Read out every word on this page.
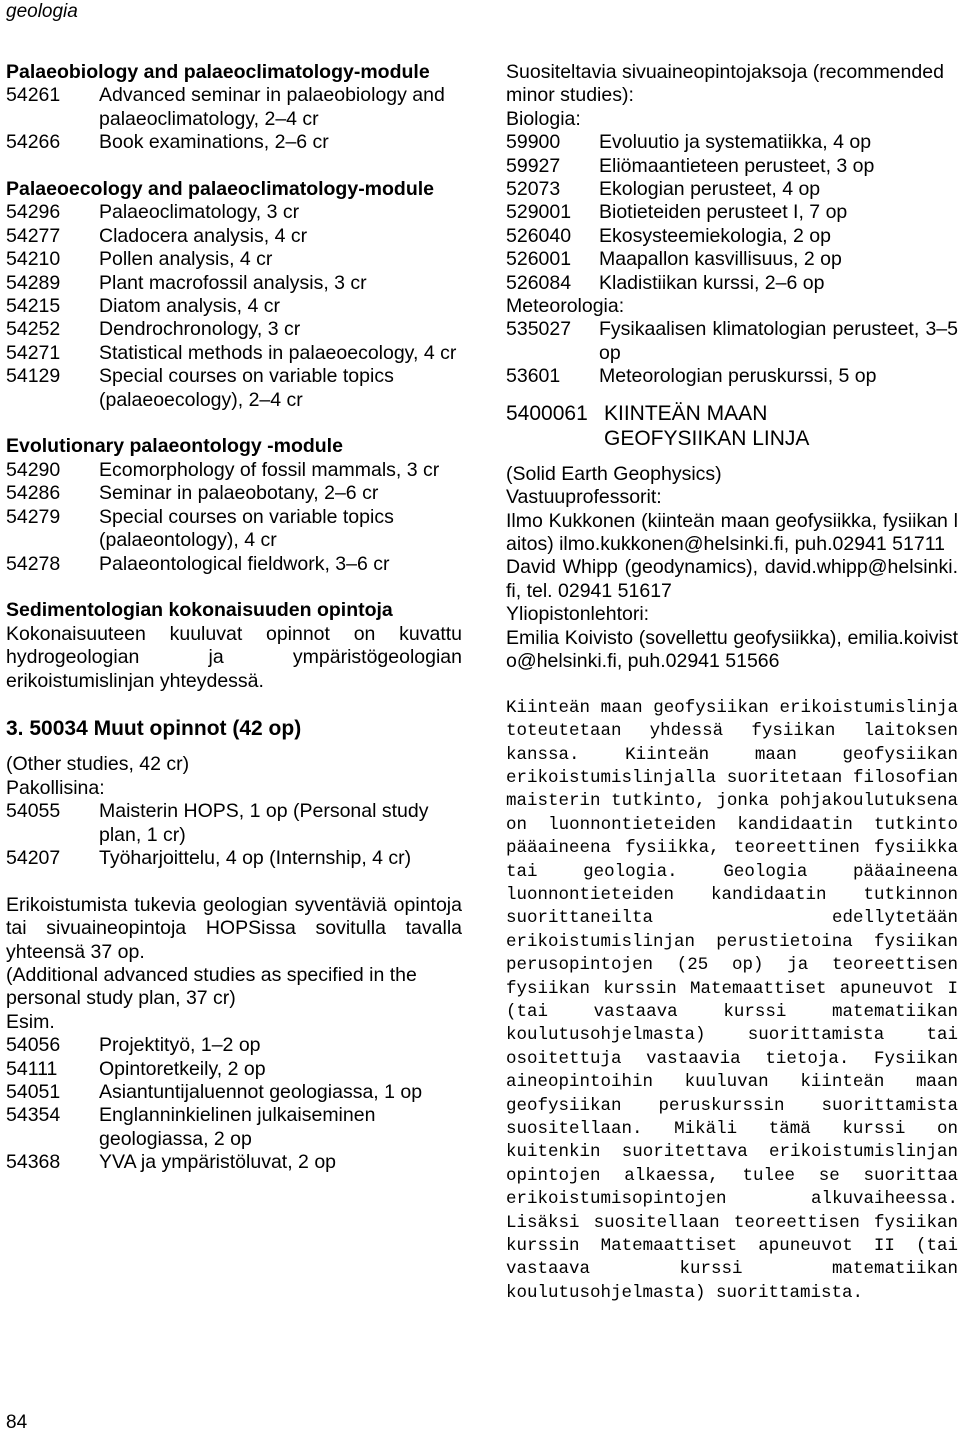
geologia
Palaeobiology and palaeoclimatology-module
54261	Advanced seminar in palaeobiology and palaeoclimatology, 2–4 cr
54266	Book examinations, 2–6 cr
Palaeoecology and palaeoclimatology-module
54296	Palaeoclimatology, 3 cr
54277	Cladocera analysis, 4 cr
54210	Pollen analysis, 4 cr
54289	Plant macrofossil analysis, 3 cr
54215	Diatom analysis, 4 cr
54252	Dendrochronology, 3 cr
54271	Statistical methods in palaeoecology, 4 cr
54129	Special courses on variable topics (palaeoecology), 2–4 cr
Evolutionary palaeontology -module
54290	Ecomorphology of fossil mammals, 3 cr
54286	Seminar in palaeobotany, 2–6 cr
54279	Special courses on variable topics (palaeontology), 4 cr
54278	Palaeontological fieldwork, 3–6 cr
Sedimentologian kokonaisuuden opintoja
Kokonaisuuteen kuuluvat opinnot on kuvattu hydrogeologian ja ympäristögeologian erikoistumislinjan yhteydessä.
3. 50034 Muut opinnot (42 op)
(Other studies, 42 cr)
Pakollisina:
54055	Maisterin HOPS, 1 op (Personal study plan, 1 cr)
54207	Työharjoittelu, 4 op (Internship, 4 cr)
Erikoistumista tukevia geologian syventäviä opintoja tai sivuaineopintoja HOPSissa sovitulla tavalla yhteensä 37 op.
(Additional advanced studies as specified in the personal study plan, 37 cr)
Esim.
54056	Projektityö, 1–2 op
54111	Opintoretkeily, 2 op
54051	Asiantuntijaluennot geologiassa, 1 op
54354	Englanninkielinen julkaiseminen geologiassa, 2 op
54368	YVA ja ympäristöluvat, 2 op
Suositeltavia sivuaineopintojaksoja (recommended minor studies):
Biologia:
59900	Evoluutio ja systematiikka, 4 op
59927	Eliömaantieteen perusteet, 3 op
52073	Ekologian perusteet, 4 op
529001	Biotieteiden perusteet I, 7 op
526040	Ekosysteemiekologia, 2 op
526001	Maapallon kasvillisuus, 2 op
526084	Kladistiikan kurssi, 2–6 op
Meteorologia:
535027	Fysikaalisen klimatologian perusteet, 3–5 op
53601	Meteorologian peruskurssi, 5 op
5400061 KIINTEÄN MAAN
GEOFYSIIKAN LINJA
(Solid Earth Geophysics)
Vastuuprofessorit:
Ilmo Kukkonen (kiinteän maan geofysiikka, fysiikan laitos) ilmo.kukkonen@helsinki.fi, puh.02941 51711
David Whipp (geodynamics), david.whipp@helsinki.fi, tel. 02941 51617
Yliopistonlehtori:
Emilia Koivisto (sovellettu geofysiikka), emilia.koivisto@helsinki.fi, puh.02941 51566
Kiinteän maan geofysiikan erikoistumislinja toteutetaan yhdessä fysiikan laitoksen kanssa. Kiinteän maan geofysiikan erikoistumislinjalla suoritetaan filosofian maisterin tutkinto, jonka pohjakoulutuksena on luonnontieteiden kandidaatin tutkinto pääaineena fysiikka, teoreettinen fysiikka tai geologia. Geologia pääaineena luonnontieteiden kandidaatin tutkinnon suorittaneilta edellytetään erikoistumislinjan perustietoina fysiikan perusopintojen (25 op) ja teoreettisen fysiikan kurssin Matemaattiset apuneuvot I (tai vastaava kurssi matematiikan koulutusohjelmasta) suorittamista tai osoitettuja vastaavia tietoja. Fysiikan aineopintoihin kuuluvan kiinteän maan geofysiikan peruskurssin suorittamista suositellaan. Mikäli tämä kurssi on kuitenkin suoritettava erikoistumislinjan opintojen alkaessa, tulee se suorittaa erikoistumisopintojen alkuvaiheessa. Lisäksi suositellaan teoreettisen fysiikan kurssin Matemaattiset apuneuvot II (tai vastaava kurssi matematiikan koulutusohjelmasta) suorittamista.
84
